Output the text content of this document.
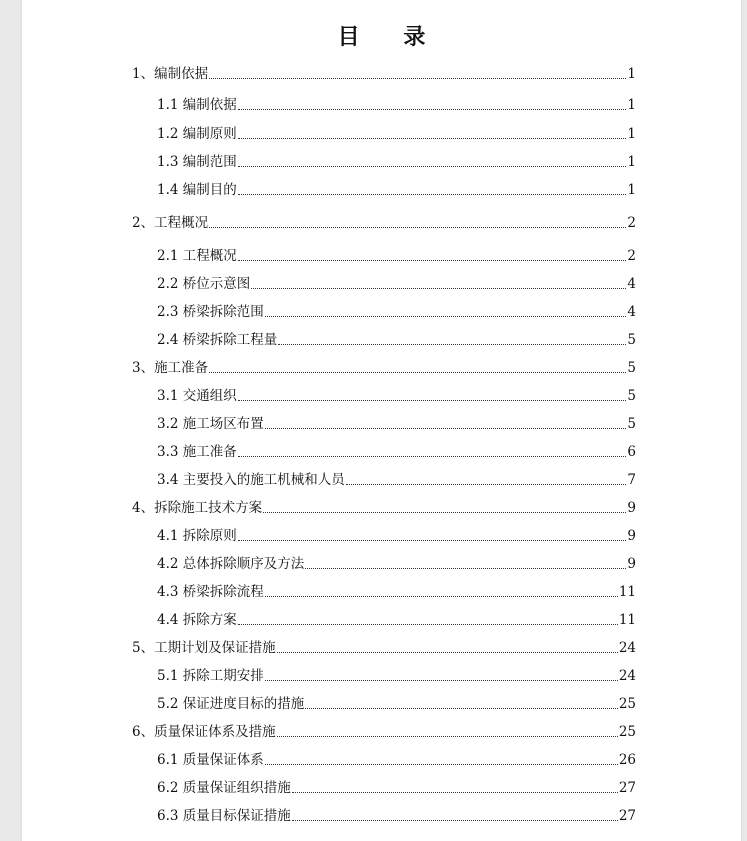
目 录
1、编制依据	1
1.1 编制依据	1
1.2 编制原则	1
1.3 编制范围	1
1.4 编制目的	1
2、工程概况	2
2.1 工程概况	2
2.2 桥位示意图	4
2.3 桥梁拆除范围	4
2.4 桥梁拆除工程量	5
3、施工准备	5
3.1 交通组织	5
3.2 施工场区布置	5
3.3 施工准备	6
3.4 主要投入的施工机械和人员	7
4、拆除施工技术方案	9
4.1 拆除原则	9
4.2 总体拆除顺序及方法	9
4.3 桥梁拆除流程	11
4.4 拆除方案	11
5、工期计划及保证措施	24
5.1 拆除工期安排	24
5.2 保证进度目标的措施	25
6、质量保证体系及措施	25
6.1 质量保证体系	26
6.2 质量保证组织措施	27
6.3 质量目标保证措施	27
